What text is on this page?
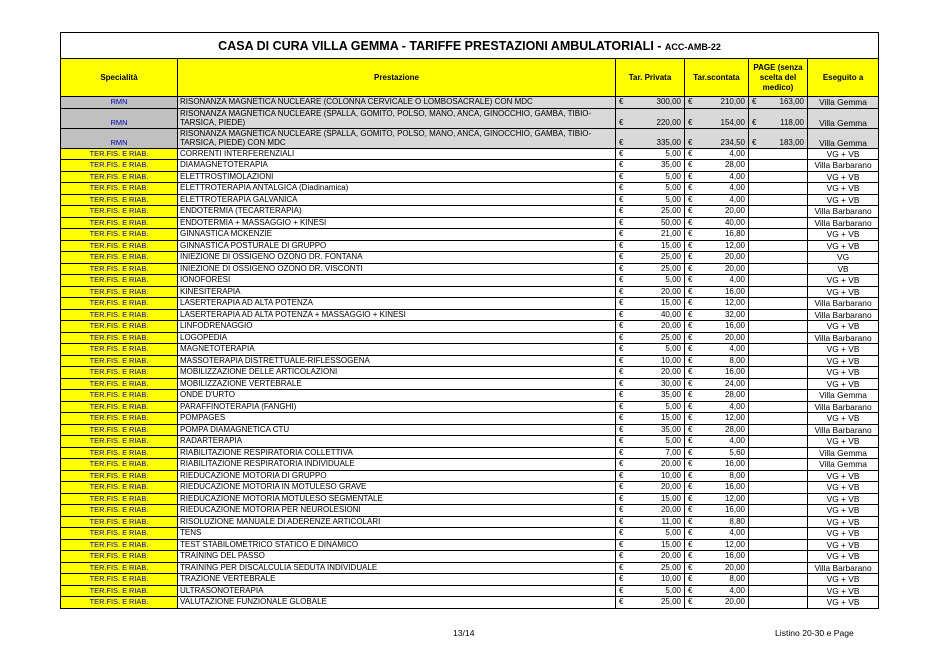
CASA DI CURA VILLA GEMMA - TARIFFE PRESTAZIONI AMBULATORIALI - ACC-AMB-22								
Specialità	Prestazione	Tar. Privata		Tar.scontata		PAGE (senza scelta del medico)		Eseguito a
RMN	RISONANZA MAGNETICA NUCLEARE (COLONNA CERVICALE O LOMBOSACRALE) CON MDC	€	300,00	€	210,00	€	163,00	Villa Gemma
RMN	RISONANZA MAGNETICA NUCLEARE (SPALLA, GOMITO, POLSO, MANO, ANCA, GINOCCHIO, GAMBA, TIBIO-TARSICA, PIEDE)	€	220,00	€	154,00	€	118,00	Villa Gemma
RMN	RISONANZA MAGNETICA NUCLEARE (SPALLA, GOMITO, POLSO, MANO, ANCA, GINOCCHIO, GAMBA, TIBIO-TARSICA, PIEDE) CON MDC	€	335,00	€	234,50	€	183,00	Villa Gemma
TER.FIS. E RIAB.	CORRENTI INTERFERENZIALI	€	5,00	€	4,00			VG + VB
TER.FIS. E RIAB.	DIAMAGNETOTERAPIA	€	35,00	€	28,00			Villa Barbarano
TER.FIS. E RIAB.	ELETTROSTIMOLAZIONI	€	5,00	€	4,00			VG + VB
TER.FIS. E RIAB.	ELETTROTERAPIA ANTALGICA (Diadinamica)	€	5,00	€	4,00			VG + VB
TER.FIS. E RIAB.	ELETTROTERAPIA GALVANICA	€	5,00	€	4,00			VG + VB
TER.FIS. E RIAB.	ENDOTERMIA (TECARTERAPIA)	€	25,00	€	20,00			Villa Barbarano
TER.FIS. E RIAB.	ENDOTERMIA + MASSAGGIO + KINESI	€	50,00	€	40,00			Villa Barbarano
TER.FIS. E RIAB.	GINNASTICA MCKENZIE	€	21,00	€	16,80			VG + VB
TER.FIS. E RIAB.	GINNASTICA POSTURALE DI GRUPPO	€	15,00	€	12,00			VG + VB
TER.FIS. E RIAB.	INIEZIONE DI OSSIGENO OZONO DR. FONTANA	€	25,00	€	20,00			VG
TER.FIS. E RIAB.	INIEZIONE DI OSSIGENO OZONO DR. VISCONTI	€	25,00	€	20,00			VB
TER.FIS. E RIAB.	IONOFORESI	€	5,00	€	4,00			VG + VB
TER.FIS. E RIAB.	KINESITERAPIA	€	20,00	€	16,00			VG + VB
TER.FIS. E RIAB.	LASERTERAPIA AD ALTA POTENZA	€	15,00	€	12,00			Villa Barbarano
TER.FIS. E RIAB.	LASERTERAPIA AD ALTA POTENZA + MASSAGGIO + KINESI	€	40,00	€	32,00			Villa Barbarano
TER.FIS. E RIAB.	LINFODRENAGGIO	€	20,00	€	16,00			VG + VB
TER.FIS. E RIAB.	LOGOPEDIA	€	25,00	€	20,00			Villa Barbarano
TER.FIS. E RIAB.	MAGNETOTERAPIA	€	5,00	€	4,00			VG + VB
TER.FIS. E RIAB.	MASSOTERAPIA DISTRETTUALE-RIFLESSOGENA	€	10,00	€	8,00			VG + VB
TER.FIS. E RIAB.	MOBILIZZAZIONE DELLE ARTICOLAZIONI	€	20,00	€	16,00			VG + VB
TER.FIS. E RIAB.	MOBILIZZAZIONE VERTEBRALE	€	30,00	€	24,00			VG + VB
TER.FIS. E RIAB.	ONDE D'URTO	€	35,00	€	28,00			Villa Gemma
TER.FIS. E RIAB.	PARAFFINOTERAPIA (FANGHI)	€	5,00	€	4,00			Villa Barbarano
TER.FIS. E RIAB.	POMPAGES	€	15,00	€	12,00			VG + VB
TER.FIS. E RIAB.	POMPA DIAMAGNETICA CTU	€	35,00	€	28,00			Villa Barbarano
TER.FIS. E RIAB.	RADARTERAPIA	€	5,00	€	4,00			VG + VB
TER.FIS. E RIAB.	RIABILITAZIONE RESPIRATORIA COLLETTIVA	€	7,00	€	5,60			Villa Gemma
TER.FIS. E RIAB.	RIABILITAZIONE RESPIRATORIA INDIVIDUALE	€	20,00	€	16,00			Villa Gemma
TER.FIS. E RIAB.	RIEDUCAZIONE MOTORIA DI GRUPPO	€	10,00	€	8,00			VG + VB
TER.FIS. E RIAB.	RIEDUCAZIONE MOTORIA IN MOTULESO GRAVE	€	20,00	€	16,00			VG + VB
TER.FIS. E RIAB.	RIEDUCAZIONE MOTORIA MOTULESO SEGMENTALE	€	15,00	€	12,00			VG + VB
TER.FIS. E RIAB.	RIEDUCAZIONE MOTORIA PER NEUROLESIONI	€	20,00	€	16,00			VG + VB
TER.FIS. E RIAB.	RISOLUZIONE MANUALE DI ADERENZE ARTICOLARI	€	11,00	€	8,80			VG + VB
TER.FIS. E RIAB.	TENS	€	5,00	€	4,00			VG + VB
TER.FIS. E RIAB.	TEST STABILOMETRICO STATICO E DINAMICO	€	15,00	€	12,00			VG + VB
TER.FIS. E RIAB.	TRAINING DEL PASSO	€	20,00	€	16,00			VG + VB
TER.FIS. E RIAB.	TRAINING PER DISCALCULIA SEDUTA INDIVIDUALE	€	25,00	€	20,00			Villa Barbarano
TER.FIS. E RIAB.	TRAZIONE VERTEBRALE	€	10,00	€	8,00			VG + VB
TER.FIS. E RIAB.	ULTRASONOTERAPIA	€	5,00	€	4,00			VG + VB
TER.FIS. E RIAB.	VALUTAZIONE FUNZIONALE GLOBALE	€	25,00	€	20,00			VG + VB
13/14	Listino 20-30 e Page
